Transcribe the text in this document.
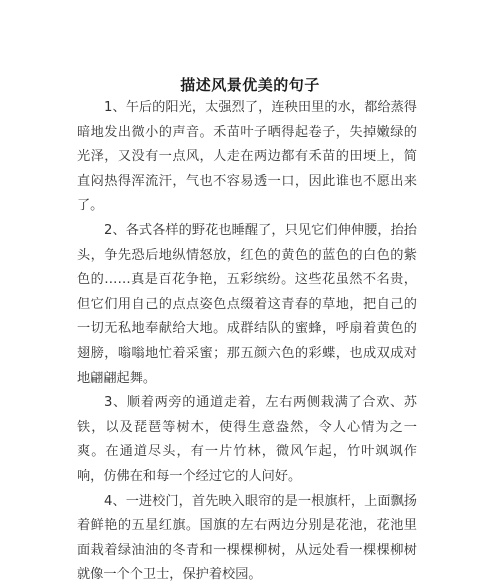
描述风景优美的句子

1、午后的阳光，太强烈了，连秧田里的水，都给蒸得暗地发出微小的声音。禾苗叶子晒得起卷子，失掉嫩绿的光泽，又没有一点风，人走在两边都有禾苗的田埂上，简直闷热得浑流汗，气也不容易透一口，因此谁也不愿出来了。

2、各式各样的野花也睡醒了，只见它们伸伸腰，抬抬头，争先恐后地纵情怒放，红色的黄色的蓝色的白色的紫色的……真是百花争艳，五彩缤纷。这些花虽然不名贵，但它们用自己的点点姿色点缀着这青春的草地，把自己的一切无私地奉献给大地。成群结队的蜜蜂，呼扇着黄色的翅膀，嗡嗡地忙着采蜜；那五颜六色的彩蝶，也成双成对地翩翩起舞。

3、顺着两旁的通道走着，左右两侧栽满了合欢、苏铁，以及琵琶等树木，使得生意盎然，令人心情为之一爽。在通道尽头，有一片竹林，微风乍起，竹叶飒飒作响，仿佛在和每一个经过它的人问好。

4、一进校门，首先映入眼帘的是一根旗杆，上面飘扬着鲜艳的五星红旗。国旗的左右两边分别是花池，花池里面栽着绿油油的冬青和一棵棵柳树，从远处看一棵棵柳树就像一个个卫士，保护着校园。
